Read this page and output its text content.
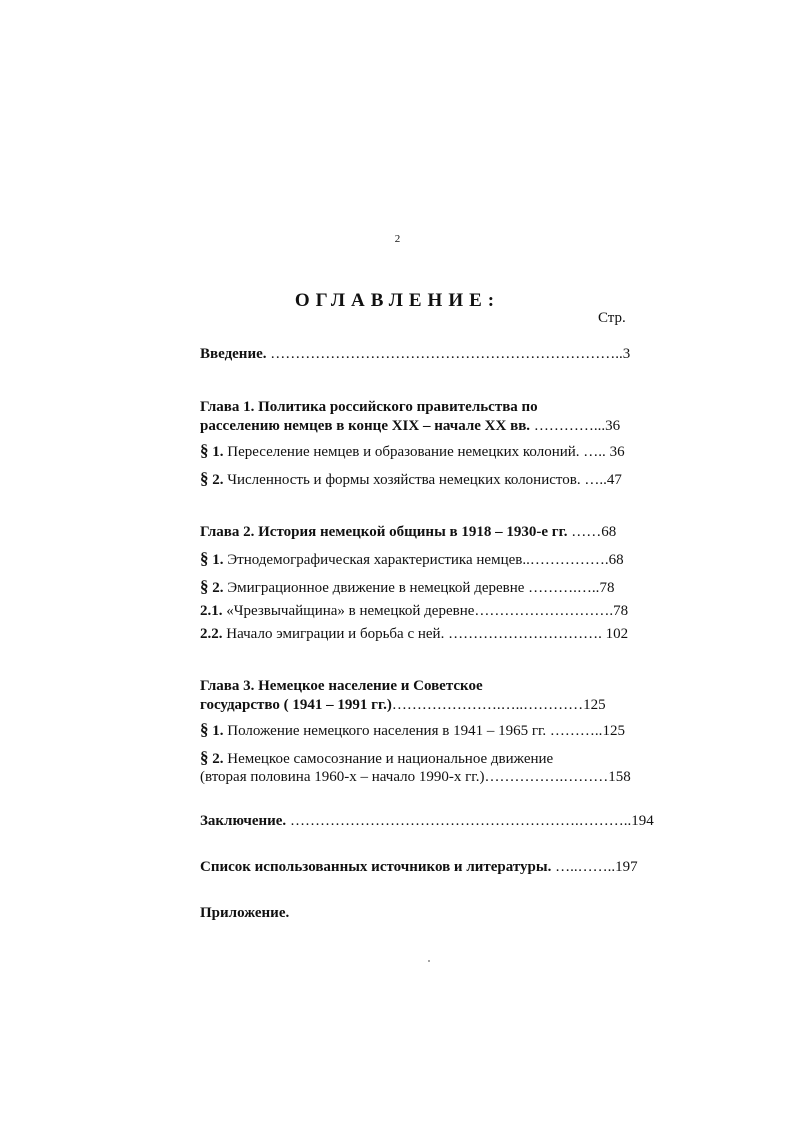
2
ОГЛАВЛЕНИЕ:
Стр.
Введение. ……………………………………………………………..3
Глава 1. Политика российского правительства по
расселению немцев в конце XIX – начале XX вв. …………...36
§ 1. Переселение немцев и образование немецких колоний. ….. 36
§ 2. Численность и формы хозяйства немецких колонистов. …..47
Глава 2. История немецкой общины в 1918 – 1930-е гг. ……68
§ 1. Этнодемографическая характеристика немцев..…………….68
§ 2. Эмиграционное движение в немецкой деревне ……….…..78
2.1. «Чрезвычайщина» в немецкой деревне……………………….78
2.2. Начало эмиграции и борьба с ней. …………………………. 102
Глава 3. Немецкое население и Советское
государство ( 1941 – 1991 гг.)………………….…..…………125
§ 1. Положение немецкого населения в 1941 – 1965 гг. ………..125
§ 2. Немецкое самосознание и национальное движение
(вторая половина 1960-х – начало 1990-х гг.)…………….………158
Заключение. ………………………………………………….………..194
Список использованных источников и литературы. …..……..197
Приложение.
